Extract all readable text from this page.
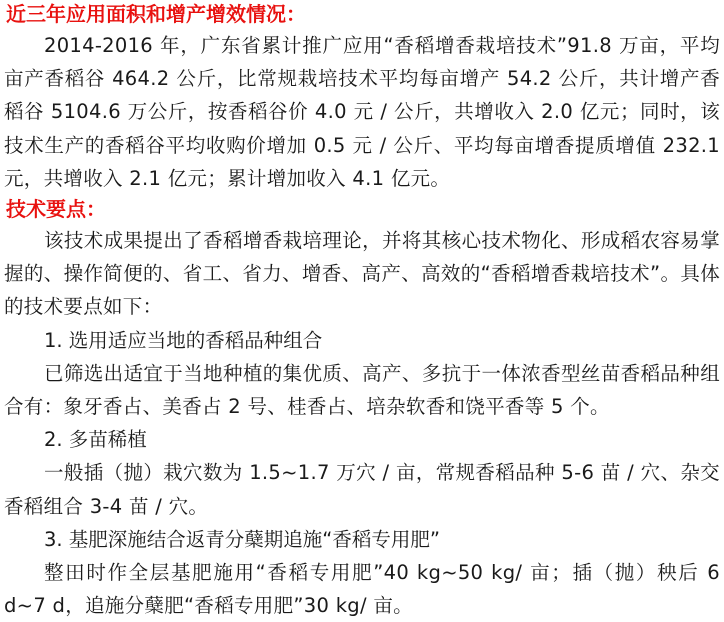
近三年应用面积和增产增效情况：

2014-2016 年，广东省累计推广应用“香稻增香栽培技术”91.8 万亩，平均亩产香稻谷 464.2 公斤，比常规栽培技术平均每亩增产 54.2 公斤，共计增产香稻谷 5104.6 万公斤，按香稻谷价 4.0 元 / 公斤，共增收入 2.0 亿元；同时，该技术生产的香稻谷平均收购价增加 0.5 元 / 公斤、平均每亩增香提质增值 232.1 元，共增收入 2.1 亿元；累计增加收入 4.1 亿元。

技术要点：

该技术成果提出了香稻增香栽培理论，并将其核心技术物化、形成稻农容易掌握的、操作简便的、省工、省力、增香、高产、高效的“香稻增香栽培技术”。具体的技术要点如下：

1. 选用适应当地的香稻品种组合

已筛选出适宜于当地种植的集优质、高产、多抗于一体浓香型丝苗香稻品种组合有：象牙香占、美香占 2 号、桂香占、培杂软香和饶平香等 5 个。

2. 多苗稀植

一般插（抛）栽穴数为 1.5~1.7 万穴 / 亩，常规香稻品种 5-6 苗 / 穴、杂交香稻组合 3-4 苗 / 穴。

3. 基肥深施结合返青分蘖期追施“香稻专用肥”

整田时作全层基肥施用“香稻专用肥”40 kg~50 kg/ 亩；插（抛）秧后 6 d~7 d，追施分蘖肥“香稻专用肥”30 kg/ 亩。
